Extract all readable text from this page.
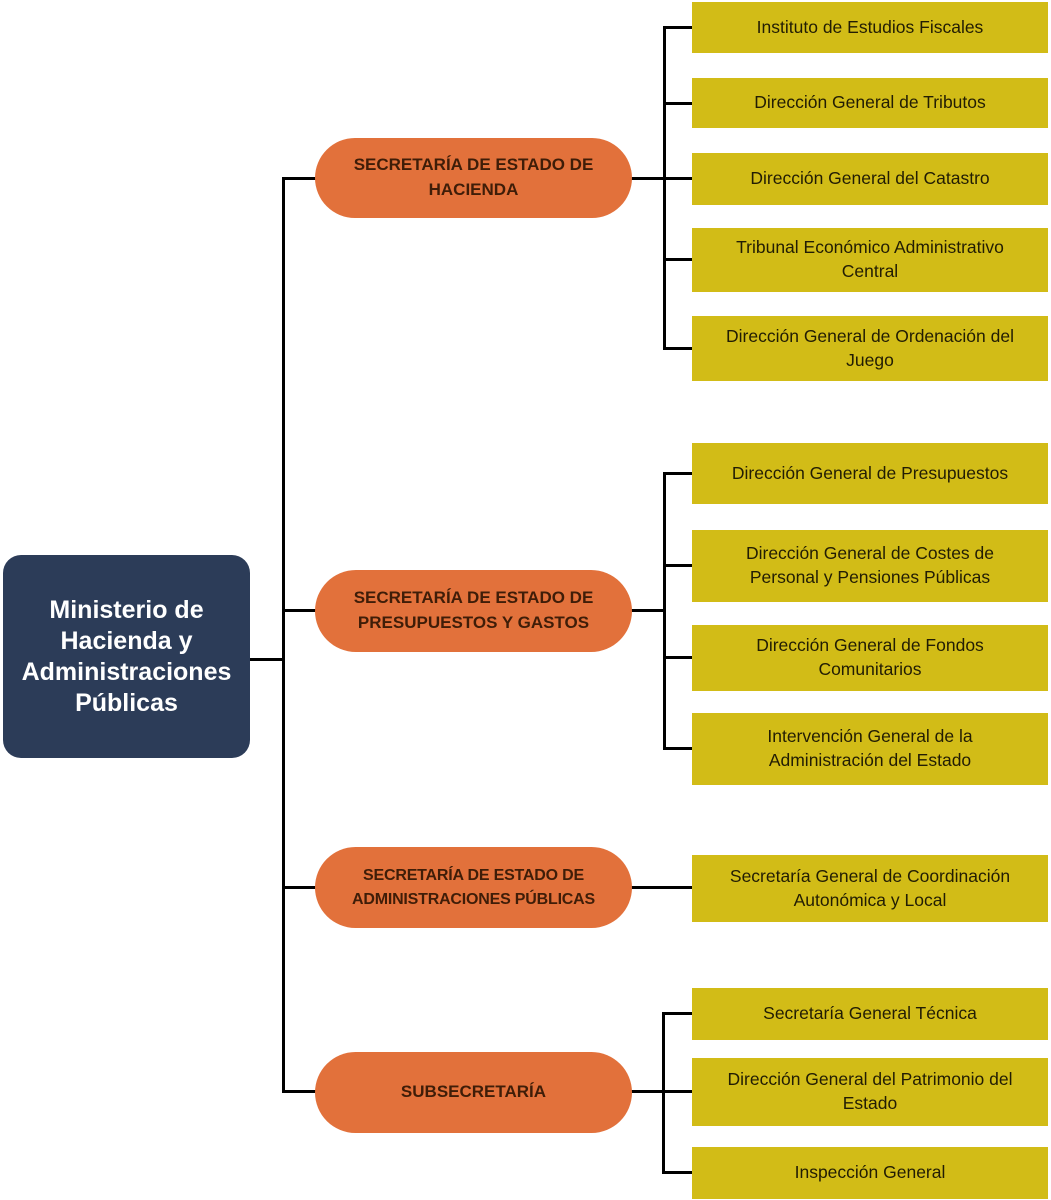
Ministerio de Hacienda y Administraciones Públicas
SECRETARÍA DE ESTADO DE HACIENDA
SECRETARÍA DE ESTADO DE PRESUPUESTOS Y GASTOS
SECRETARÍA DE ESTADO DE ADMINISTRACIONES PÚBLICAS
SUBSECRETARÍA
Instituto de Estudios Fiscales
Dirección General de Tributos
Dirección General del Catastro
Tribunal Económico Administrativo Central
Dirección General de Ordenación del Juego
Dirección General de Presupuestos
Dirección General de Costes de Personal y Pensiones Públicas
Dirección General de Fondos Comunitarios
Intervención General de la Administración del Estado
Secretaría General de Coordinación Autonómica y Local
Secretaría General Técnica
Dirección General del Patrimonio del Estado
Inspección General
